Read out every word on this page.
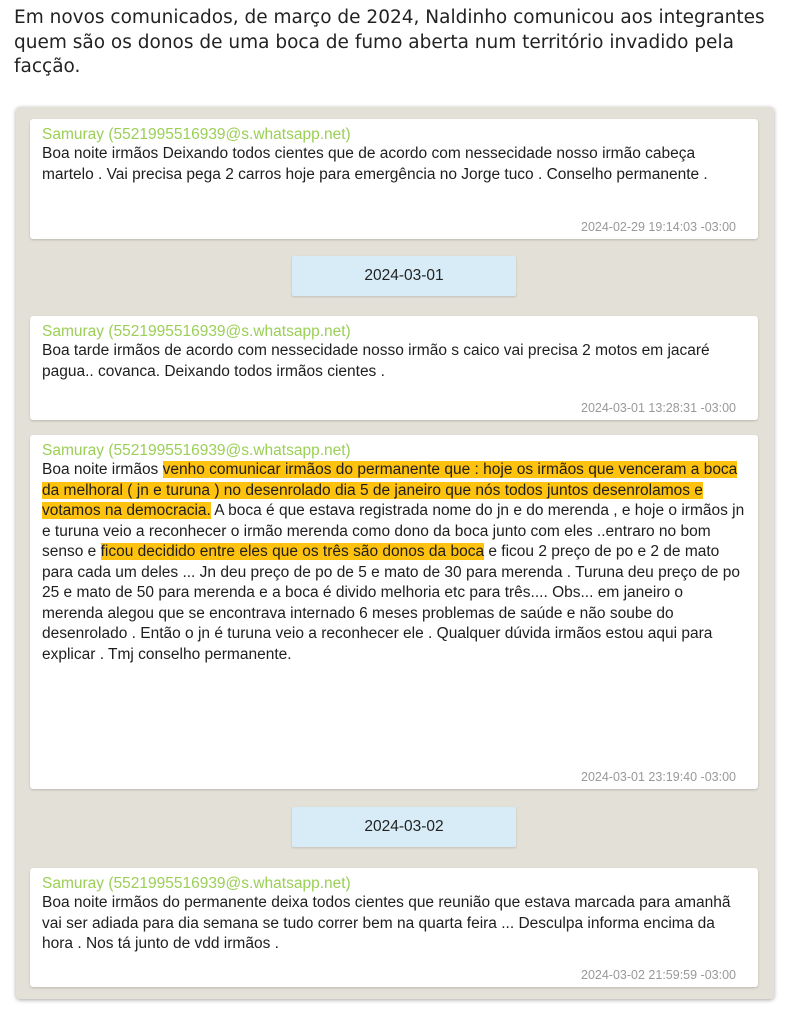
Em novos comunicados, de março de 2024, Naldinho comunicou aos integrantes quem são os donos de uma boca de fumo aberta num território invadido pela facção.
Samuray (5521995516939@s.whatsapp.net)
Boa noite irmãos Deixando todos cientes que de acordo com nessecidade nosso irmão cabeça martelo . Vai precisa pega 2 carros hoje para emergência no Jorge tuco . Conselho permanente .
2024-02-29 19:14:03 -03:00
2024-03-01
Samuray (5521995516939@s.whatsapp.net)
Boa tarde irmãos de acordo com nessecidade nosso irmão s caico vai precisa 2 motos em jacaré pagua.. covanca. Deixando todos irmãos cientes .
2024-03-01 13:28:31 -03:00
Samuray (5521995516939@s.whatsapp.net)
Boa noite irmãos venho comunicar irmãos do permanente que : hoje os irmãos que venceram a boca da melhoral ( jn e turuna ) no desenrolado dia 5 de janeiro que nós todos juntos desenrolamos e votamos na democracia. A boca é que estava registrada nome do jn e do merenda , e hoje o irmãos jn e turuna veio a reconhecer o irmão merenda como dono da boca junto com eles ..entraro no bom senso e ficou decidido entre eles que os três são donos da boca e ficou 2 preço de po e 2 de mato para cada um deles ... Jn deu preço de po de 5 e mato de 30 para merenda . Turuna deu preço de po 25 e mato de 50 para merenda e a boca é divido melhoria etc para três.... Obs... em janeiro o merenda alegou que se encontrava internado 6 meses problemas de saúde e não soube do desenrolado . Então o jn é turuna veio a reconhecer ele . Qualquer dúvida irmãos estou aqui para explicar . Tmj conselho permanente.
2024-03-01 23:19:40 -03:00
2024-03-02
Samuray (5521995516939@s.whatsapp.net)
Boa noite irmãos do permanente deixa todos cientes que reunião que estava marcada para amanhã vai ser adiada para dia semana se tudo correr bem na quarta feira ... Desculpa informa encima da hora . Nos tá junto de vdd irmãos .
2024-03-02 21:59:59 -03:00
